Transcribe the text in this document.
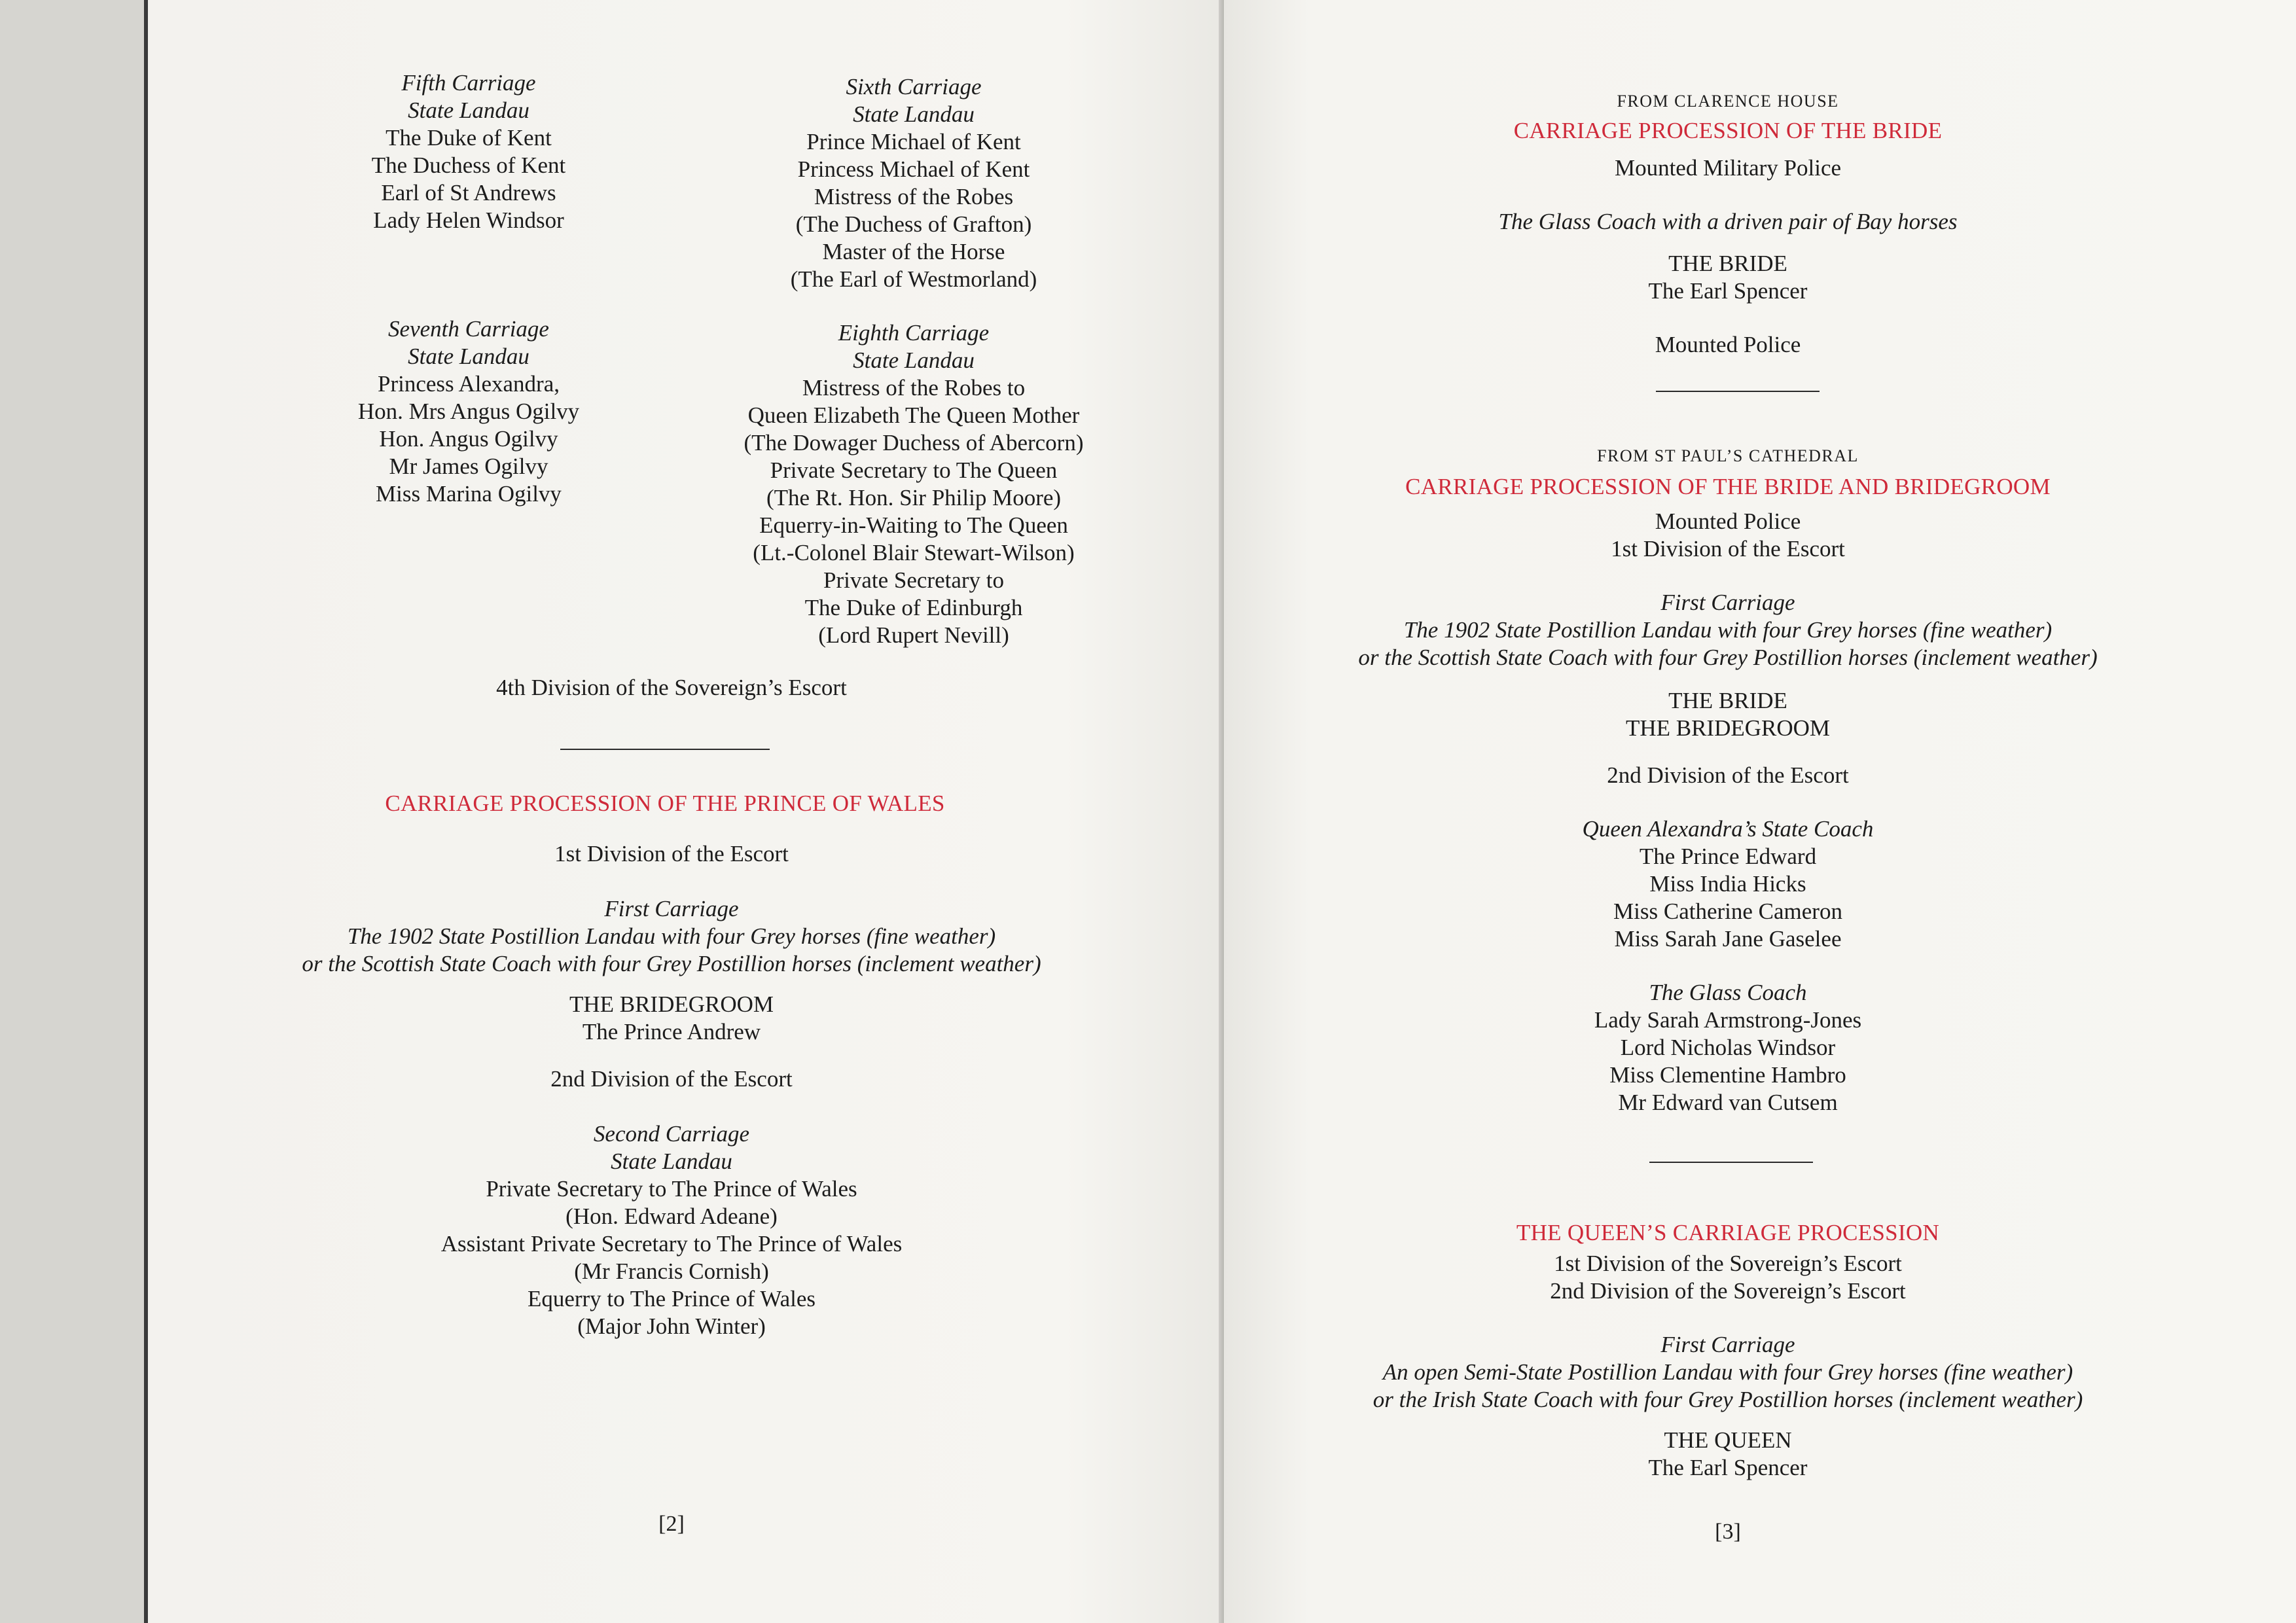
Fifth Carriage
State Landau
The Duke of Kent
The Duchess of Kent
Earl of St Andrews
Lady Helen Windsor
Sixth Carriage
State Landau
Prince Michael of Kent
Princess Michael of Kent
Mistress of the Robes
(The Duchess of Grafton)
Master of the Horse
(The Earl of Westmorland)
Seventh Carriage
State Landau
Princess Alexandra,
Hon. Mrs Angus Ogilvy
Hon. Angus Ogilvy
Mr James Ogilvy
Miss Marina Ogilvy
Eighth Carriage
State Landau
Mistress of the Robes to
Queen Elizabeth The Queen Mother
(The Dowager Duchess of Abercorn)
Private Secretary to The Queen
(The Rt. Hon. Sir Philip Moore)
Equerry-in-Waiting to The Queen
(Lt.-Colonel Blair Stewart-Wilson)
Private Secretary to
The Duke of Edinburgh
(Lord Rupert Nevill)
4th Division of the Sovereign’s Escort
CARRIAGE PROCESSION OF THE PRINCE OF WALES
1st Division of the Escort
First Carriage
The 1902 State Postillion Landau with four Grey horses (fine weather)
or the Scottish State Coach with four Grey Postillion horses (inclement weather)
THE BRIDEGROOM
The Prince Andrew
2nd Division of the Escort
Second Carriage
State Landau
Private Secretary to The Prince of Wales
(Hon. Edward Adeane)
Assistant Private Secretary to The Prince of Wales
(Mr Francis Cornish)
Equerry to The Prince of Wales
(Major John Winter)
[2]
FROM CLARENCE HOUSE
CARRIAGE PROCESSION OF THE BRIDE
Mounted Military Police
The Glass Coach with a driven pair of Bay horses
THE BRIDE
The Earl Spencer
Mounted Police
FROM ST PAUL’S CATHEDRAL
CARRIAGE PROCESSION OF THE BRIDE AND BRIDEGROOM
Mounted Police
1st Division of the Escort
First Carriage
The 1902 State Postillion Landau with four Grey horses (fine weather)
or the Scottish State Coach with four Grey Postillion horses (inclement weather)
THE BRIDE
THE BRIDEGROOM
2nd Division of the Escort
Queen Alexandra’s State Coach
The Prince Edward
Miss India Hicks
Miss Catherine Cameron
Miss Sarah Jane Gaselee
The Glass Coach
Lady Sarah Armstrong-Jones
Lord Nicholas Windsor
Miss Clementine Hambro
Mr Edward van Cutsem
THE QUEEN’S CARRIAGE PROCESSION
1st Division of the Sovereign’s Escort
2nd Division of the Sovereign’s Escort
First Carriage
An open Semi-State Postillion Landau with four Grey horses (fine weather)
or the Irish State Coach with four Grey Postillion horses (inclement weather)
THE QUEEN
The Earl Spencer
[3]
